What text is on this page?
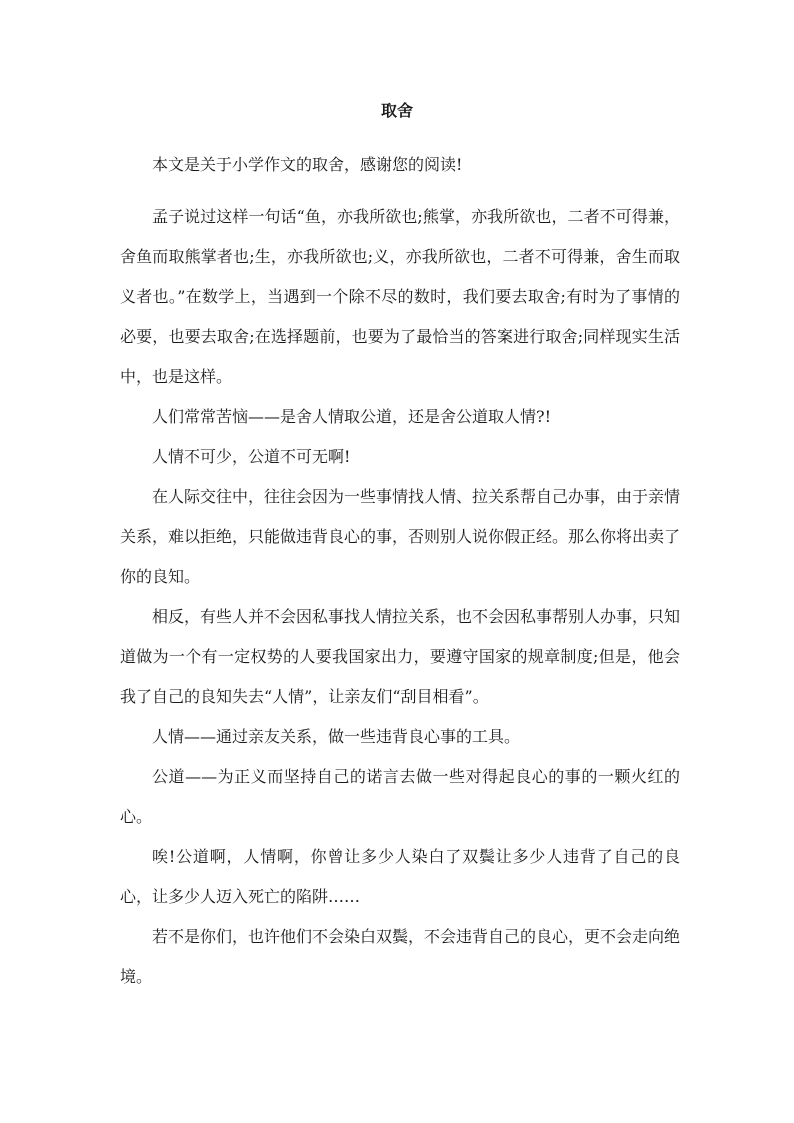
取舍

本文是关于小学作文的取舍，感谢您的阅读!

孟子说过这样一句话“鱼，亦我所欲也;熊掌，亦我所欲也，二者不可得兼，舍鱼而取熊掌者也;生，亦我所欲也;义，亦我所欲也，二者不可得兼，舍生而取义者也。”在数学上，当遇到一个除不尽的数时，我们要去取舍;有时为了事情的必要，也要去取舍;在选择题前，也要为了最恰当的答案进行取舍;同样现实生活中，也是这样。

人们常常苦恼——是舍人情取公道，还是舍公道取人情?!

人情不可少，公道不可无啊!

在人际交往中，往往会因为一些事情找人情、拉关系帮自己办事，由于亲情关系，难以拒绝，只能做违背良心的事，否则别人说你假正经。那么你将出卖了你的良知。

相反，有些人并不会因私事找人情拉关系，也不会因私事帮别人办事，只知道做为一个有一定权势的人要我国家出力，要遵守国家的规章制度;但是，他会我了自己的良知失去“人情”，让亲友们“刮目相看”。

人情——通过亲友关系，做一些违背良心事的工具。

公道——为正义而坚持自己的诺言去做一些对得起良心的事的一颗火红的心。

唉!公道啊，人情啊，你曾让多少人染白了双鬓让多少人违背了自己的良心，让多少人迈入死亡的陷阱……

若不是你们，也许他们不会染白双鬓，不会违背自己的良心，更不会走向绝境。
